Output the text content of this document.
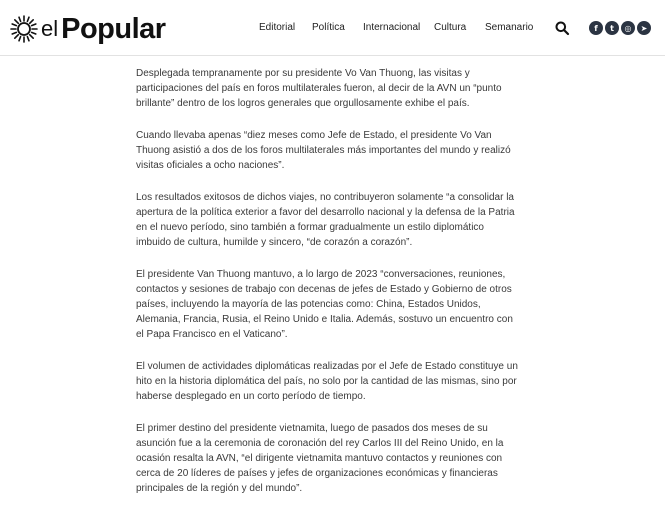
el Popular	Editorial Política Internacional Cultura Semanario	f	t	◎	➤

Desplegada tempranamente por su presidente Vo Van Thuong, las visitas y participaciones del país en foros multilaterales fueron, al decir de la AVN un “punto brillante” dentro de los logros generales que orgullosamente exhibe el país.

Cuando llevaba apenas “diez meses como Jefe de Estado, el presidente Vo Van Thuong asistió a dos de los foros multilaterales más importantes del mundo y realizó visitas oficiales a ocho naciones”.

Los resultados exitosos de dichos viajes, no contribuyeron solamente “a consolidar la apertura de la política exterior a favor del desarrollo nacional y la defensa de la Patria en el nuevo período, sino también a formar gradualmente un estilo diplomático imbuido de cultura, humilde y sincero, “de corazón a corazón”.

El presidente Van Thuong mantuvo, a lo largo de 2023 “conversaciones, reuniones, contactos y sesiones de trabajo con decenas de jefes de Estado y Gobierno de otros países, incluyendo la mayoría de las potencias como: China, Estados Unidos, Alemania, Francia, Rusia, el Reino Unido e Italia. Además, sostuvo un encuentro con el Papa Francisco en el Vaticano”.

El volumen de actividades diplomáticas realizadas por el Jefe de Estado constituye un hito en la historia diplomática del país, no solo por la cantidad de las mismas, sino por haberse desplegado en un corto período de tiempo.

El primer destino del presidente vietnamita, luego de pasados dos meses de su asunción fue a la ceremonia de coronación del rey Carlos III del Reino Unido, en la ocasión resalta la AVN, “el dirigente vietnamita mantuvo contactos y reuniones con cerca de 20 líderes de países y jefes de organizaciones económicas y financieras principales de la región y del mundo”.
